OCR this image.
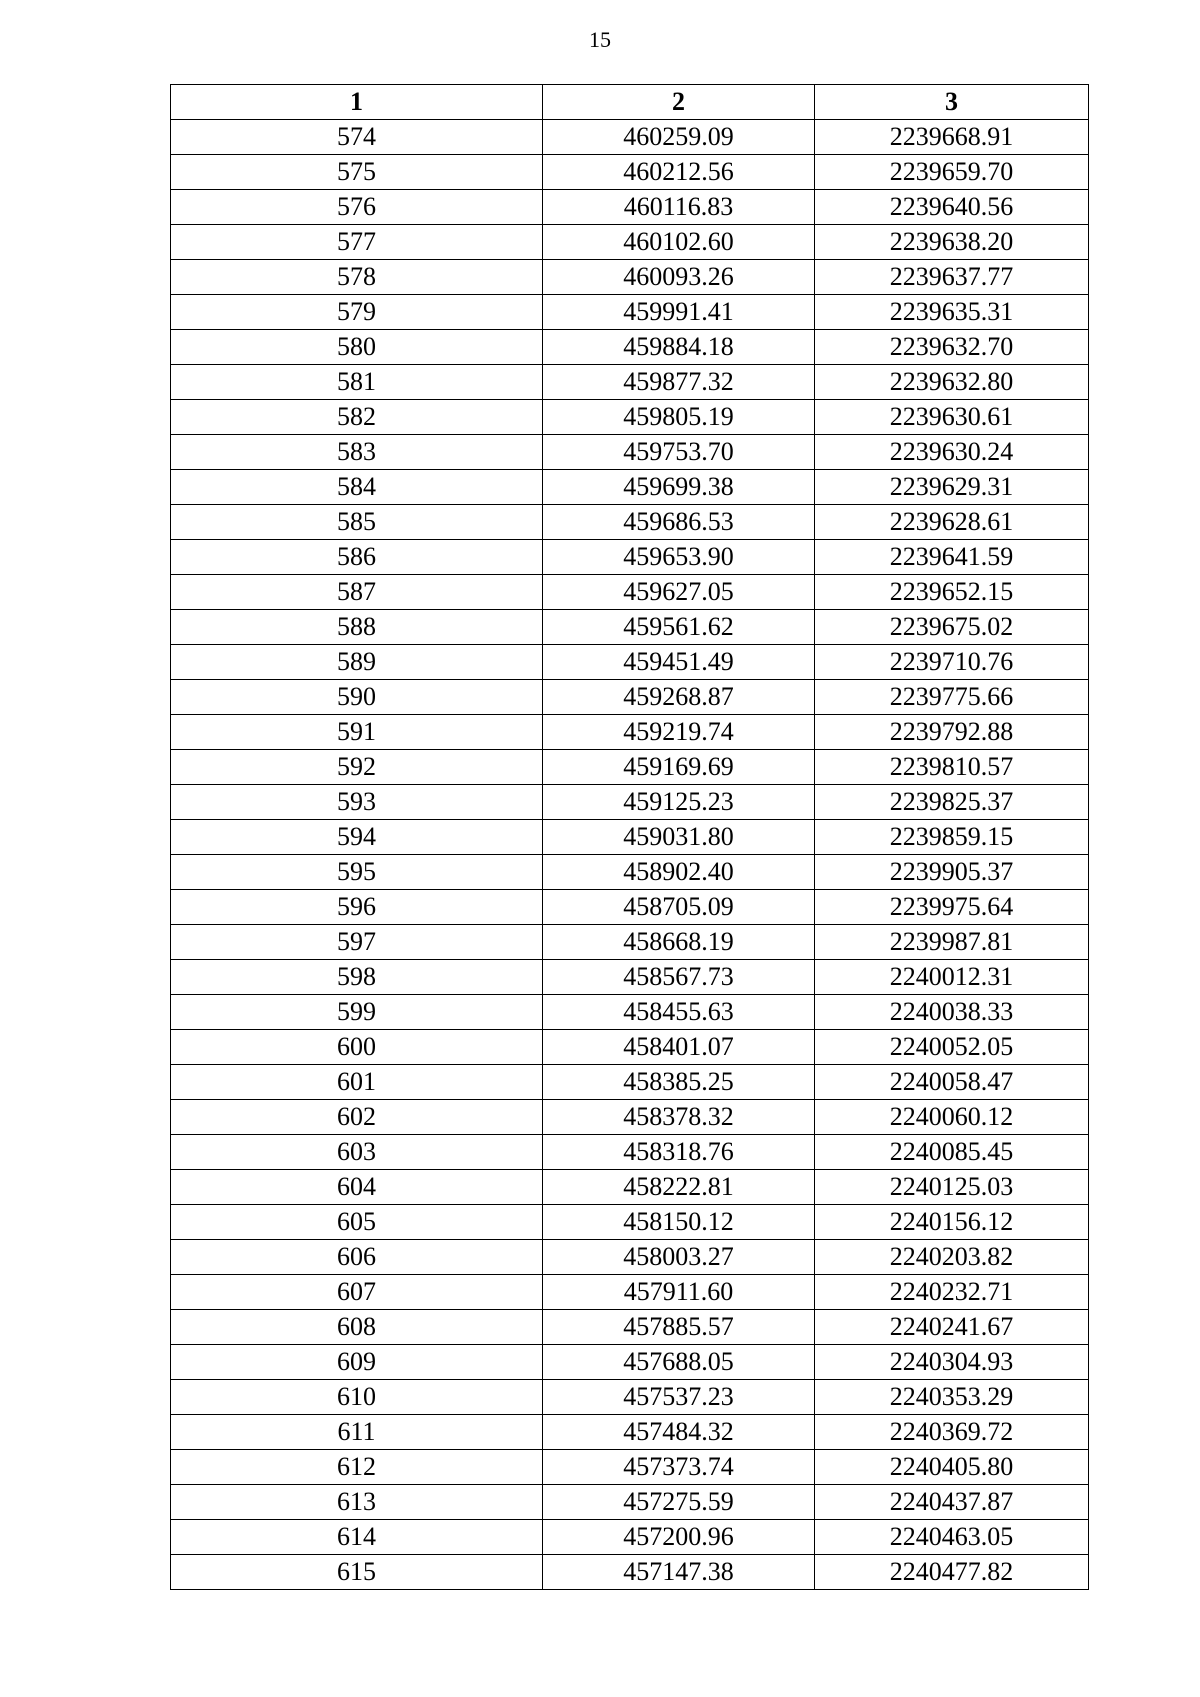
15
1	2	3
574	460259.09	2239668.91
575	460212.56	2239659.70
576	460116.83	2239640.56
577	460102.60	2239638.20
578	460093.26	2239637.77
579	459991.41	2239635.31
580	459884.18	2239632.70
581	459877.32	2239632.80
582	459805.19	2239630.61
583	459753.70	2239630.24
584	459699.38	2239629.31
585	459686.53	2239628.61
586	459653.90	2239641.59
587	459627.05	2239652.15
588	459561.62	2239675.02
589	459451.49	2239710.76
590	459268.87	2239775.66
591	459219.74	2239792.88
592	459169.69	2239810.57
593	459125.23	2239825.37
594	459031.80	2239859.15
595	458902.40	2239905.37
596	458705.09	2239975.64
597	458668.19	2239987.81
598	458567.73	2240012.31
599	458455.63	2240038.33
600	458401.07	2240052.05
601	458385.25	2240058.47
602	458378.32	2240060.12
603	458318.76	2240085.45
604	458222.81	2240125.03
605	458150.12	2240156.12
606	458003.27	2240203.82
607	457911.60	2240232.71
608	457885.57	2240241.67
609	457688.05	2240304.93
610	457537.23	2240353.29
611	457484.32	2240369.72
612	457373.74	2240405.80
613	457275.59	2240437.87
614	457200.96	2240463.05
615	457147.38	2240477.82
